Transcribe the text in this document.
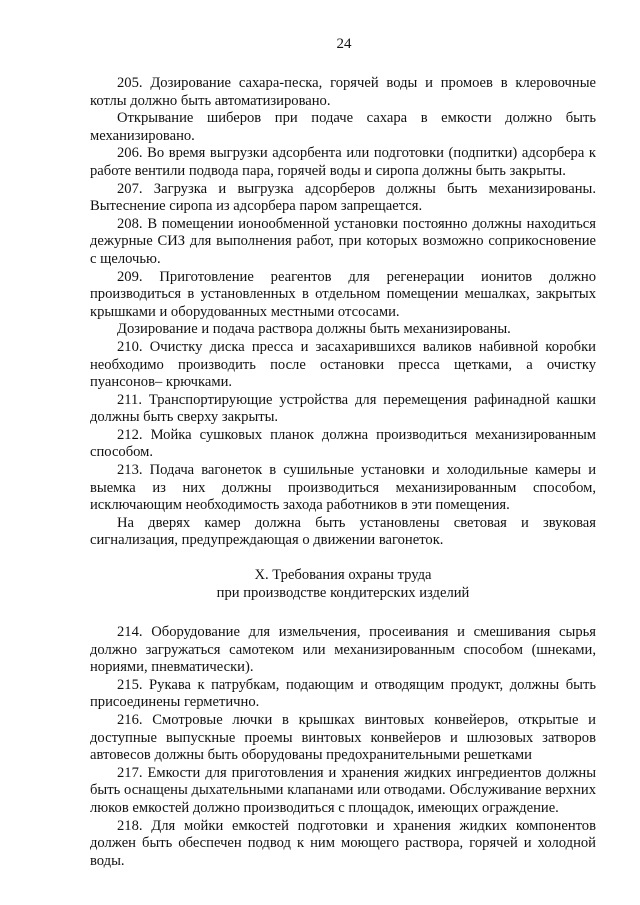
24

205. Дозирование сахара-песка, горячей воды и промоев в клеровочные котлы должно быть автоматизировано.

Открывание шиберов при подаче сахара в емкости должно быть механизировано.

206. Во время выгрузки адсорбента или подготовки (подпитки) адсорбера к работе вентили подвода пара, горячей воды и сиропа должны быть закрыты.

207. Загрузка и выгрузка адсорберов должны быть механизированы. Вытеснение сиропа из адсорбера паром запрещается.

208. В помещении ионообменной установки постоянно должны находиться дежурные СИЗ для выполнения работ, при которых возможно соприкосновение с щелочью.

209. Приготовление реагентов для регенерации ионитов должно производиться в установленных в отдельном помещении мешалках, закрытых крышками и оборудованных местными отсосами.

Дозирование и подача раствора должны быть механизированы.

210. Очистку диска пресса и засахарившихся валиков набивной коробки необходимо производить после остановки пресса щетками, а очистку пуансонов– крючками.

211. Транспортирующие устройства для перемещения рафинадной кашки должны быть сверху закрыты.

212. Мойка сушковых планок должна производиться механизированным способом.

213. Подача вагонеток в сушильные установки и холодильные камеры и выемка из них должны производиться механизированным способом, исключающим необходимость захода работников в эти помещения.

На дверях камер должна быть установлены световая и звуковая сигнализация, предупреждающая о движении вагонеток.

X. Требования охраны труда
при производстве кондитерских изделий

214. Оборудование для измельчения, просеивания и смешивания сырья должно загружаться самотеком или механизированным способом (шнеками, нориями, пневматически).

215. Рукава к патрубкам, подающим и отводящим продукт, должны быть присоединены герметично.

216. Смотровые лючки в крышках винтовых конвейеров, открытые и доступные выпускные проемы винтовых конвейеров и шлюзовых затворов автовесов должны быть оборудованы предохранительными решетками

217. Емкости для приготовления и хранения жидких ингредиентов должны быть оснащены дыхательными клапанами или отводами. Обслуживание верхних люков емкостей должно производиться с площадок, имеющих ограждение.

218. Для мойки емкостей подготовки и хранения жидких компонентов должен быть обеспечен подвод к ним моющего раствора, горячей и холодной воды.
